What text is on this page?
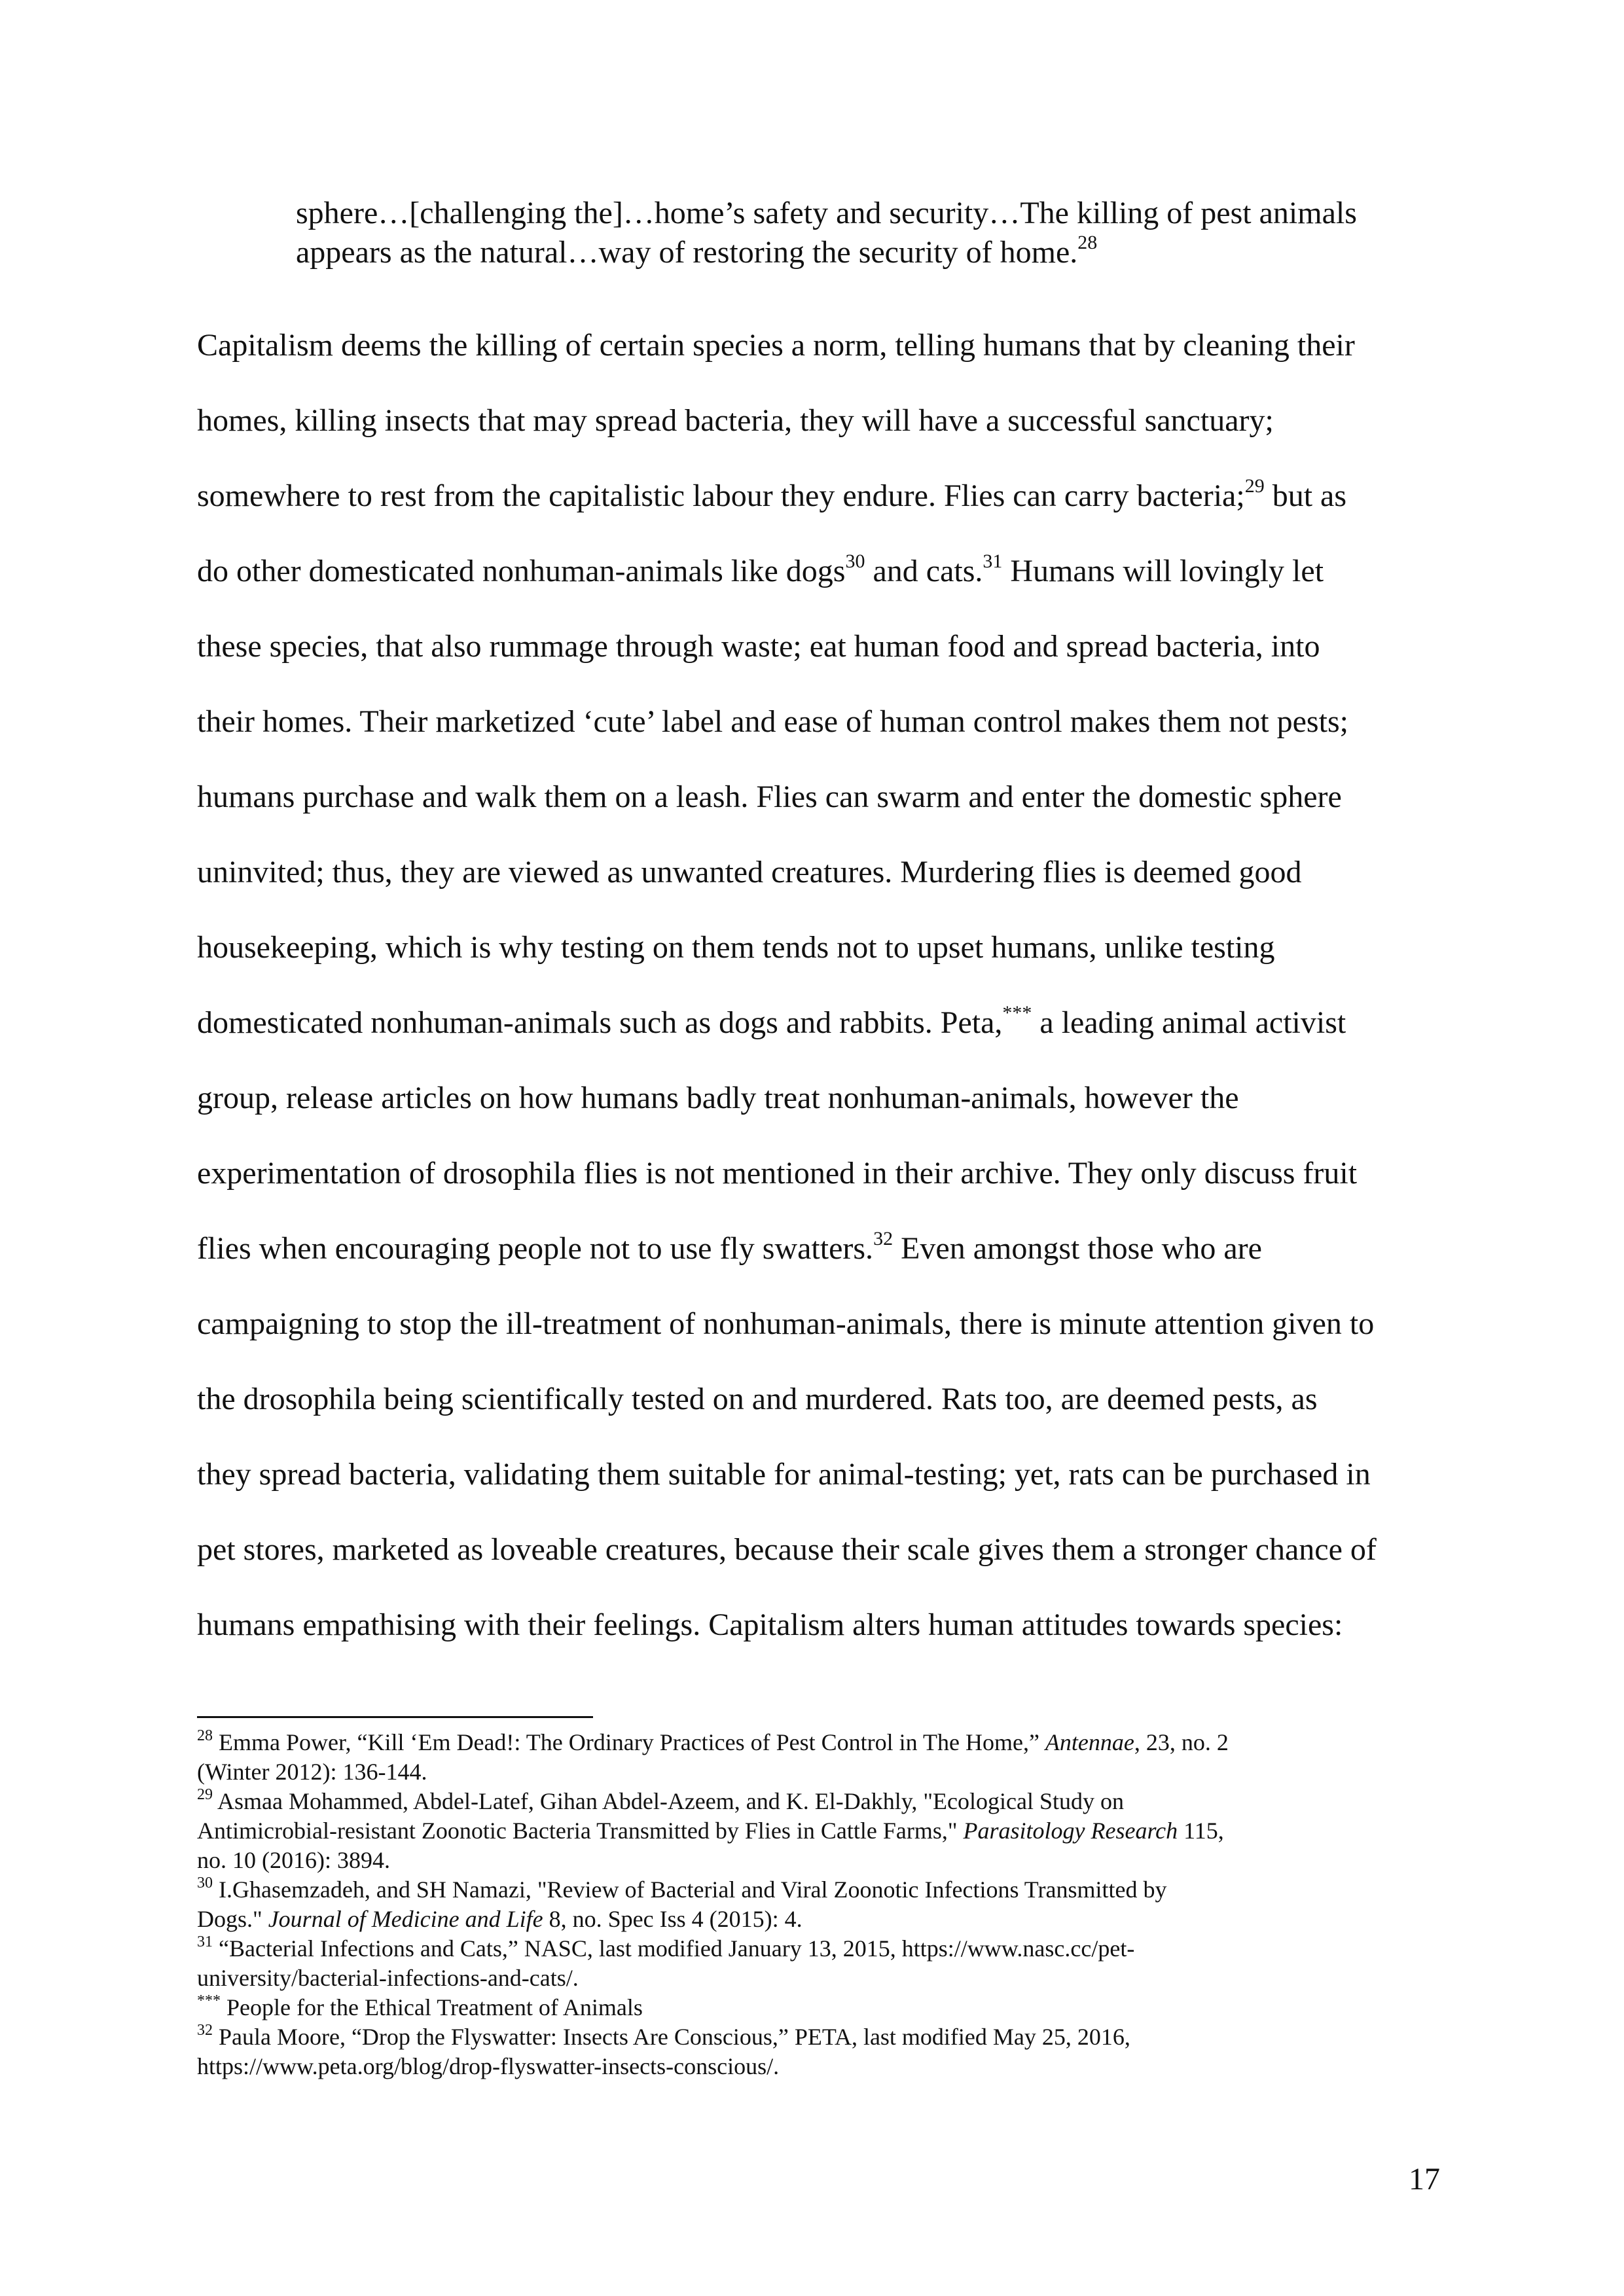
sphere…[challenging the]…home’s safety and security…The killing of pest animals
appears as the natural…way of restoring the security of home.$^{28}$
Capitalism deems the killing of certain species a norm, telling humans that by cleaning their
homes, killing insects that may spread bacteria, they will have a successful sanctuary;
somewhere to rest from the capitalistic labour they endure. Flies can carry bacteria;$^{29}$ but as
do other domesticated nonhuman-animals like dogs$^{30}$ and cats.$^{31}$ Humans will lovingly let
these species, that also rummage through waste; eat human food and spread bacteria, into
their homes. Their marketized ‘cute’ label and ease of human control makes them not pests;
humans purchase and walk them on a leash. Flies can swarm and enter the domestic sphere
uninvited; thus, they are viewed as unwanted creatures. Murdering flies is deemed good
housekeeping, which is why testing on them tends not to upset humans, unlike testing
domesticated nonhuman-animals such as dogs and rabbits. Peta,*** a leading animal activist
group, release articles on how humans badly treat nonhuman-animals, however the
experimentation of drosophila flies is not mentioned in their archive. They only discuss fruit
flies when encouraging people not to use fly swatters.$^{32}$ Even amongst those who are
campaigning to stop the ill-treatment of nonhuman-animals, there is minute attention given to
the drosophila being scientifically tested on and murdered. Rats too, are deemed pests, as
they spread bacteria, validating them suitable for animal-testing; yet, rats can be purchased in
pet stores, marketed as loveable creatures, because their scale gives them a stronger chance of
humans empathising with their feelings. Capitalism alters human attitudes towards species:
$^{28}$ Emma Power, “Kill ‘Em Dead!: The Ordinary Practices of Pest Control in The Home,” Antennae, 23, no. 2
(Winter 2012): 136-144.
$^{29}$ Asmaa Mohammed, Abdel-Latef, Gihan Abdel-Azeem, and K. El-Dakhly, "Ecological Study on
Antimicrobial-resistant Zoonotic Bacteria Transmitted by Flies in Cattle Farms," Parasitology Research 115,
no. 10 (2016): 3894.
$^{30}$ I.Ghasemzadeh, and SH Namazi, "Review of Bacterial and Viral Zoonotic Infections Transmitted by
Dogs." Journal of Medicine and Life 8, no. Spec Iss 4 (2015): 4.
$^{31}$ “Bacterial Infections and Cats,” NASC, last modified January 13, 2015, https://www.nasc.cc/pet-
university/bacterial-infections-and-cats/.
*** People for the Ethical Treatment of Animals
$^{32}$ Paula Moore, “Drop the Flyswatter: Insects Are Conscious,” PETA, last modified May 25, 2016,
https://www.peta.org/blog/drop-flyswatter-insects-conscious/.
17
